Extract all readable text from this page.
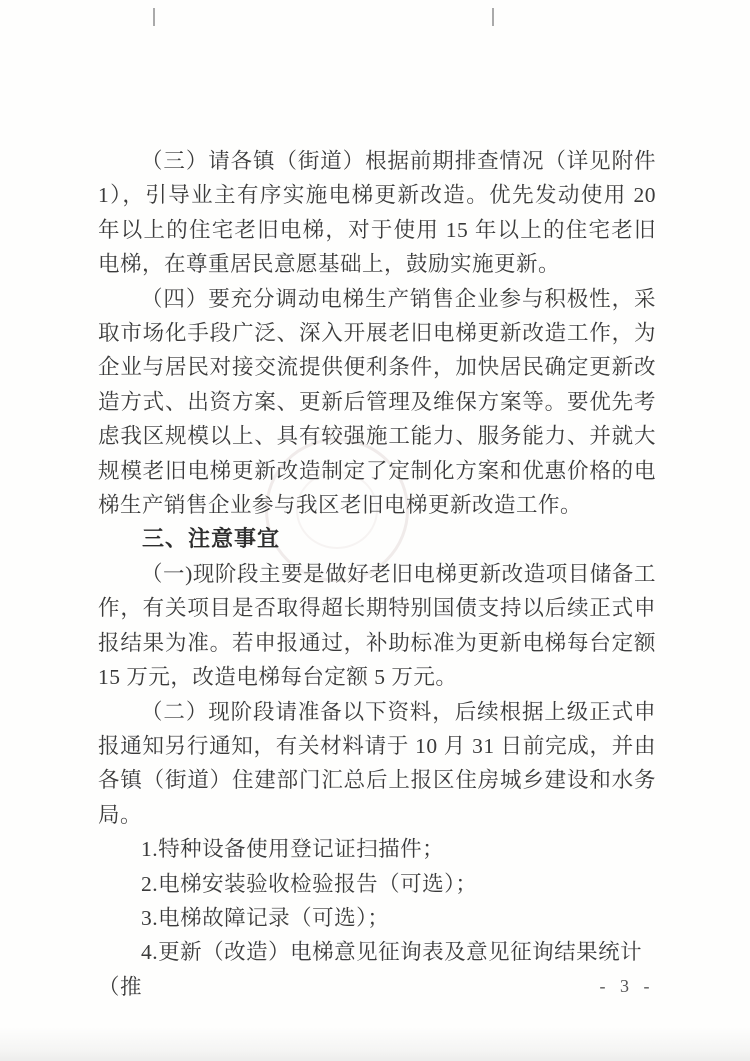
（三）请各镇（街道）根据前期排查情况（详见附件 1），引导业主有序实施电梯更新改造。优先发动使用 20 年以上的住宅老旧电梯，对于使用 15 年以上的住宅老旧电梯，在尊重居民意愿基础上，鼓励实施更新。

（四）要充分调动电梯生产销售企业参与积极性，采取市场化手段广泛、深入开展老旧电梯更新改造工作，为企业与居民对接交流提供便利条件，加快居民确定更新改造方式、出资方案、更新后管理及维保方案等。要优先考虑我区规模以上、具有较强施工能力、服务能力、并就大规模老旧电梯更新改造制定了定制化方案和优惠价格的电梯生产销售企业参与我区老旧电梯更新改造工作。

三、注意事宜

（一)现阶段主要是做好老旧电梯更新改造项目储备工作，有关项目是否取得超长期特别国债支持以后续正式申报结果为准。若申报通过，补助标准为更新电梯每台定额 15 万元，改造电梯每台定额 5 万元。

（二）现阶段请准备以下资料，后续根据上级正式申报通知另行通知，有关材料请于 10 月 31 日前完成，并由各镇（街道）住建部门汇总后上报区住房城乡建设和水务局。

1.特种设备使用登记证扫描件；

2.电梯安装验收检验报告（可选）；

3.电梯故障记录（可选）；

4.更新（改造）电梯意见征询表及意见征询结果统计（推	- 3 -
